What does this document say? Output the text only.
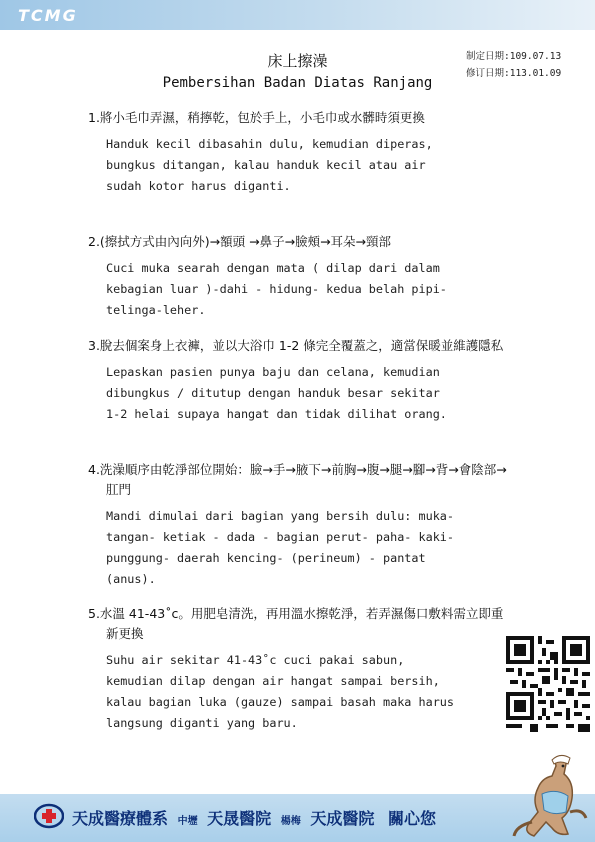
TCMG
制定日期:109.07.13
修订日期:113.01.09
床上擦澡
Pembersihan Badan Diatas Ranjang
1.將小毛巾弄濕，稍擰乾，包於手上，小毛巾或水髒時須更換
Handuk kecil dibasahin dulu, kemudian diperas,
bungkus ditangan, kalau handuk kecil atau air
sudah kotor harus diganti.
2.(擦拭方式由內向外)→額頭 →鼻子→臉頰→耳朵→頸部
Cuci muka searah dengan mata ( dilap dari dalam
kebagian luar )-dahi - hidung- kedua belah pipi-
telinga-leher.
3.脫去個案身上衣褲，並以大浴巾 1-2 條完全覆蓋之，適當保暖並維護隱私
Lepaskan pasien punya baju dan celana, kemudian
dibungkus / ditutup dengan handuk besar sekitar
1-2 helai supaya hangat dan tidak dilihat orang.
4.洗澡順序由乾淨部位開始：臉→手→腋下→前胸→腹→腿→腳→背→會陰部→肛門
Mandi dimulai dari bagian yang bersih dulu: muka-
tangan- ketiak - dada - bagian perut- paha- kaki-
punggung- daerah kencing- (perineum) - pantat
(anus).
5.水溫 41-43˚c。用肥皂清洗，再用溫水擦乾淨，若弄濕傷口敷料需立即重新更換
Suhu air sekitar 41-43˚c cuci pakai sabun,
kemudian dilap dengan air hangat sampai bersih,
kalau bagian luka (gauze) sampai basah maka harus
langsung diganti yang baru.
天成醫療體系 中壢 天晟醫院 楊梅 天成醫院 關心您
